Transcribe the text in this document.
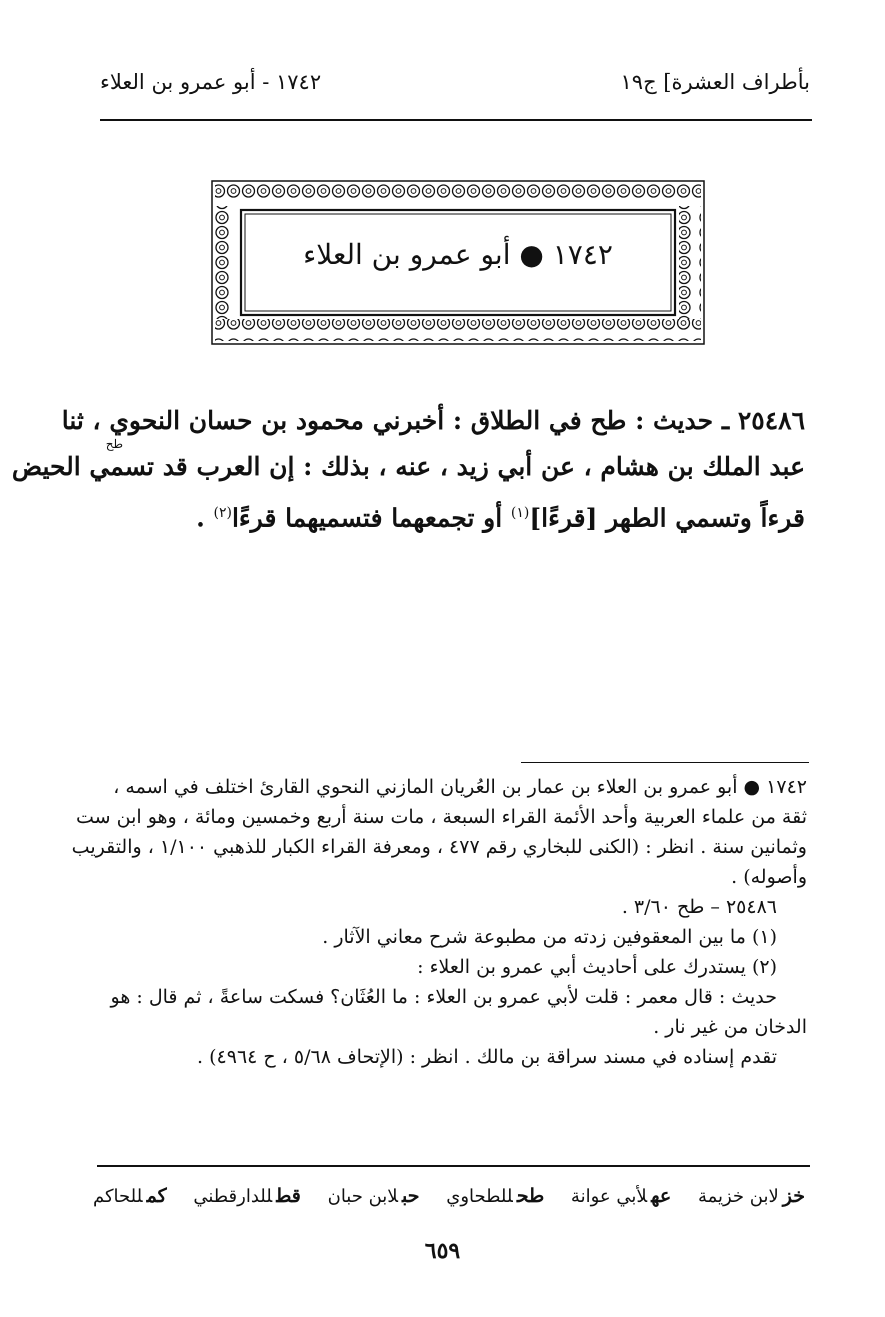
بأطراف العشرة] ج١٩
١٧٤٢ - أبو عمرو بن العلاء
١٧٤٢ ● أبو عمرو بن العلاء
طح
٢٥٤٨٦ ـ حديث : طح في الطلاق : أخبرني محمود بن حسان النحوي ، ثنا
عبد الملك بن هشام ، عن أبي زيد ، عنه ، بذلك : إن العرب قد تسمي الحيض
قرءاً وتسمي الطهر [قرءًا]$^{(١)}$ أو تجمعهما فتسميهما قرءًا$^{(٢)}$ .
١٧٤٢ ● أبو عمرو بن العلاء بن عمار بن العُريان المازني النحوي القارئ اختلف في اسمه ،
ثقة من علماء العربية وأحد الأئمة القراء السبعة ، مات سنة أربع وخمسين ومائة ، وهو ابن ست
وثمانين سنة . انظر : (الكنى للبخاري رقم ٤٧٧ ، ومعرفة القراء الكبار للذهبي ١/١٠٠ ، والتقريب
وأصوله) .
٢٥٤٨٦ – طح ٣/٦٠ .
(١) ما بين المعقوفين زدته من مطبوعة شرح معاني الآثار .
(٢) يستدرك على أحاديث أبي عمرو بن العلاء :
حديث : قال معمر : قلت لأبي عمرو بن العلاء : ما العُثَان؟ فسكت ساعةً ، ثم قال : هو
الدخان من غير نار .
تقدم إسناده في مسند سراقة بن مالك . انظر : (الإتحاف ٥/٦٨ ، ح ٤٩٦٤) .
خزلابن خزيمة
عهلأبي عوانة
طحللطحاوي
حبلابن حبان
قطللدارقطني
كمللحاكم
٦٥٩
